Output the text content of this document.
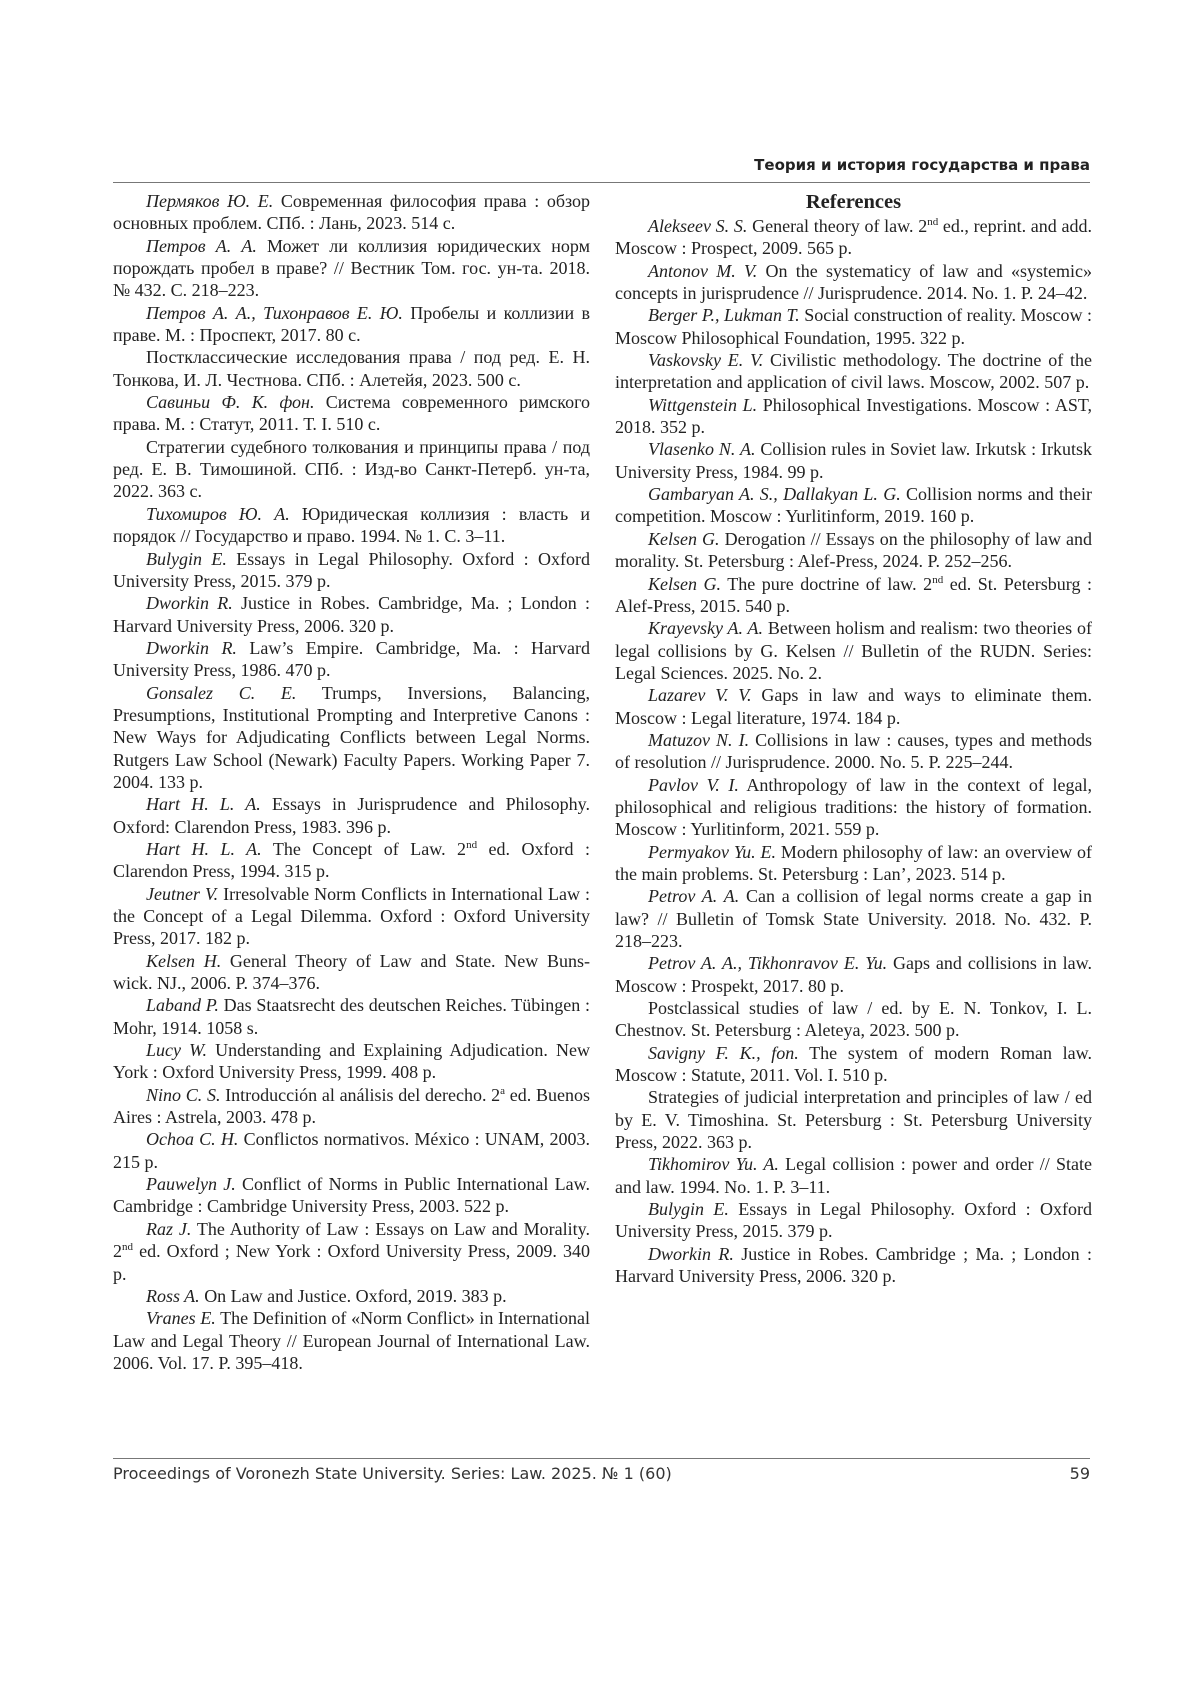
Теория и история государства и права

Пермяков Ю. Е. Современная философия права : обзор основных проблем. СПб. : Лань, 2023. 514 с.

Петров А. А. Может ли коллизия юридических норм порождать пробел в праве? // Вестник Том. гос. ун-та. 2018. № 432. С. 218–223.

Петров А. А., Тихонравов Е. Ю. Пробелы и коллизии в праве. М. : Проспект, 2017. 80 с.

Постклассические исследования права / под ред. Е. Н. Тонкова, И. Л. Честнова. СПб. : Алетейя, 2023. 500 с.

Савиньи Ф. К. фон. Система современного римского права. М. : Статут, 2011. Т. I. 510 с.

Стратегии судебного толкования и принципы права / под ред. Е. В. Тимошиной. СПб. : Изд-во Санкт-Петерб. ун-та, 2022. 363 с.

Тихомиров Ю. А. Юридическая коллизия : власть и порядок // Государство и право. 1994. № 1. С. 3–11.

Bulygin E. Essays in Legal Philosophy. Oxford : Oxford University Press, 2015. 379 p.

Dworkin R. Justice in Robes. Cambridge, Ma. ; London : Harvard University Press, 2006. 320 p.

Dworkin R. Law’s Empire. Cambridge, Ma. : Harvard University Press, 1986. 470 p.

Gonsalez C. E. Trumps, Inversions, Balancing, Presumptions, Institutional Prompting and Interpretive Canons : New Ways for Adjudicating Conflicts between Legal Norms. Rutgers Law School (Newark) Faculty Papers. Working Paper 7. 2004. 133 p.

Hart H. L. A. Essays in Jurisprudence and Philosophy. Oxford: Clarendon Press, 1983. 396 p.

Hart H. L. A. The Concept of Law. 2nd ed. Oxford : Clarendon Press, 1994. 315 p.

Jeutner V. Irresolvable Norm Conflicts in International Law : the Concept of a Legal Dilemma. Oxford : Oxford University Press, 2017. 182 p.

Kelsen H. General Theory of Law and State. New Buns-wick. NJ., 2006. P. 374–376.

Laband P. Das Staatsrecht des deutschen Reiches. Tübingen : Mohr, 1914. 1058 s.

Lucy W. Understanding and Explaining Adjudication. New York : Oxford University Press, 1999. 408 p.

Nino C. S. Introducción al análisis del derecho. 2a ed. Buenos Aires : Astrela, 2003. 478 p.

Ochoa C. H. Conflictos normativos. México : UNAM, 2003. 215 p.

Pauwelyn J. Conflict of Norms in Public International Law. Cambridge : Cambridge University Press, 2003. 522 p.

Raz J. The Authority of Law : Essays on Law and Morality. 2nd ed. Oxford ; New York : Oxford University Press, 2009. 340 p.

Ross A. On Law and Justice. Oxford, 2019. 383 p.

Vranes E. The Definition of «Norm Conflict» in International Law and Legal Theory // European Journal of International Law. 2006. Vol. 17. P. 395–418.

References

Alekseev S. S. General theory of law. 2nd ed., reprint. and add. Moscow : Prospect, 2009. 565 p.

Antonov M. V. On the systematicy of law and «systemic» concepts in jurisprudence // Jurisprudence. 2014. No. 1. P. 24–42.

Berger P., Lukman T. Social construction of reality. Moscow : Moscow Philosophical Foundation, 1995. 322 p.

Vaskovsky E. V. Civilistic methodology. The doctrine of the interpretation and application of civil laws. Moscow, 2002. 507 p.

Wittgenstein L. Philosophical Investigations. Moscow : AST, 2018. 352 p.

Vlasenko N. A. Collision rules in Soviet law. Irkutsk : Irkutsk University Press, 1984. 99 p.

Gambaryan A. S., Dallakyan L. G. Collision norms and their competition. Moscow : Yurlitinform, 2019. 160 p.

Kelsen G. Derogation // Essays on the philosophy of law and morality. St. Petersburg : Alef-Press, 2024. P. 252–256.

Kelsen G. The pure doctrine of law. 2nd ed. St. Petersburg : Alef-Press, 2015. 540 p.

Krayevsky A. A. Between holism and realism: two theories of legal collisions by G. Kelsen // Bulletin of the RUDN. Series: Legal Sciences. 2025. No. 2.

Lazarev V. V. Gaps in law and ways to eliminate them. Moscow : Legal literature, 1974. 184 p.

Matuzov N. I. Collisions in law : causes, types and methods of resolution // Jurisprudence. 2000. No. 5. P. 225–244.

Pavlov V. I. Anthropology of law in the context of legal, philosophical and religious traditions: the history of formation. Moscow : Yurlitinform, 2021. 559 p.

Permyakov Yu. E. Modern philosophy of law: an overview of the main problems. St. Petersburg : Lan’, 2023. 514 p.

Petrov A. A. Can a collision of legal norms create a gap in law? // Bulletin of Tomsk State University. 2018. No. 432. P. 218–223.

Petrov A. A., Tikhonravov E. Yu. Gaps and collisions in law. Moscow : Prospekt, 2017. 80 p.

Postclassical studies of law / ed. by E. N. Tonkov, I. L. Chestnov. St. Petersburg : Aleteya, 2023. 500 p.

Savigny F. K., fon. The system of modern Roman law. Moscow : Statute, 2011. Vol. I. 510 p.

Strategies of judicial interpretation and principles of law / ed by E. V. Timoshina. St. Petersburg : St. Petersburg University Press, 2022. 363 p.

Tikhomirov Yu. A. Legal collision : power and order // State and law. 1994. No. 1. P. 3–11.

Bulygin E. Essays in Legal Philosophy. Oxford : Oxford University Press, 2015. 379 p.

Dworkin R. Justice in Robes. Cambridge ; Ma. ; London : Harvard University Press, 2006. 320 p.

Proceedings of Voronezh State University. Series: Law. 2025. № 1 (60)	59
